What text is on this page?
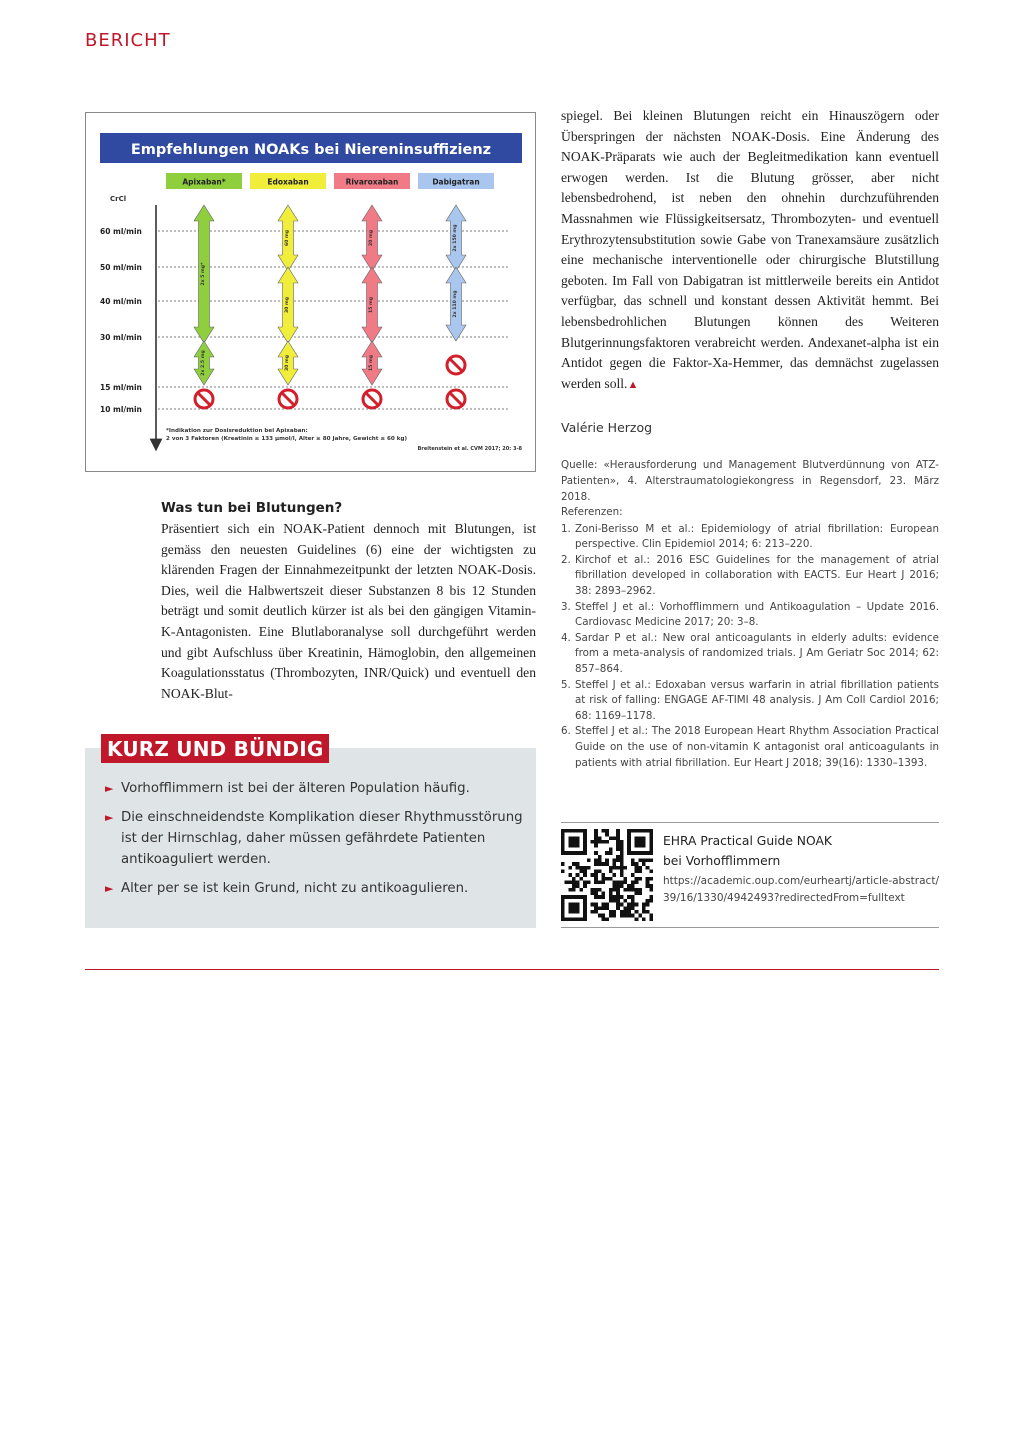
BERICHT
Empfehlungen NOAKs bei Niereninsuffizienz
Apixaban*	Edoxaban	Rivaroxaban	Dabigatran
CrCl
60 ml/min
50 ml/min
40 ml/min
30 ml/min
15 ml/min
10 ml/min
2x 5 mg*
2x 2.5 mg
60 mg
30 mg
30 mg
20 mg
15 mg
15 mg
2x 150 mg
2x 110 mg
*Indikation zur Dosisreduktion bei Apixaban:
2 von 3 Faktoren (Kreatinin ≥ 133 µmol/l, Alter ≥ 80 Jahre, Gewicht ≤ 60 kg)
Breitenstein et al. CVM 2017; 20: 3-8
Was tun bei Blutungen?

Präsentiert sich ein NOAK-Patient dennoch mit Blutungen, ist gemäss den neuesten Guidelines (6) eine der wichtigsten zu klärenden Fragen der Einnahmezeitpunkt der letzten NOAK-Dosis. Dies, weil die Halbwertszeit dieser Substanzen 8 bis 12 Stunden beträgt und somit deutlich kürzer ist als bei den gängigen Vitamin-K-Antagonisten. Eine Blutlaboranalyse soll durchgeführt werden und gibt Aufschluss über Kreatinin, Hämoglobin, den allgemeinen Koagulationsstatus (Thrombozyten, INR/Quick) und eventuell den NOAK-Blut-

spiegel. Bei kleinen Blutungen reicht ein Hinauszögern oder Überspringen der nächsten NOAK-Dosis. Eine Änderung des NOAK-Präparats wie auch der Begleitmedikation kann eventuell erwogen werden. Ist die Blutung grösser, aber nicht lebensbedrohend, ist neben den ohnehin durchzuführenden Massnahmen wie Flüssigkeitsersatz, Thrombozyten- und eventuell Erythrozytensubstitution sowie Gabe von Tranexamsäure zusätzlich eine mechanische interventionelle oder chirurgische Blutstillung geboten. Im Fall von Dabigatran ist mittlerweile bereits ein Antidot verfügbar, das schnell und konstant dessen Aktivität hemmt. Bei lebensbedrohlichen Blutungen können des Weiteren Blutgerinnungsfaktoren verabreicht werden. Andexanet-alpha ist ein Antidot gegen die Faktor-Xa-Hemmer, das demnächst zugelassen werden soll.▲

Valérie Herzog
Quelle: «Herausforderung und Management Blutverdünnung von ATZ-Patienten», 4. Alterstraumatologiekongress in Regensdorf, 23. März 2018.
Referenzen:
1. Zoni-Berisso M et al.: Epidemiology of atrial fibrillation: European perspective. Clin Epidemiol 2014; 6: 213–220.
2. Kirchof et al.: 2016 ESC Guidelines for the management of atrial fibrillation developed in collaboration with EACTS. Eur Heart J 2016; 38: 2893–2962.
3. Steffel J et al.: Vorhofflimmern und Antikoagulation – Update 2016. Cardiovasc Medicine 2017; 20: 3–8.
4. Sardar P et al.: New oral anticoagulants in elderly adults: evidence from a meta-analysis of randomized trials. J Am Geriatr Soc 2014; 62: 857–864.
5. Steffel J et al.: Edoxaban versus warfarin in atrial fibrillation patients at risk of falling: ENGAGE AF-TIMI 48 analysis. J Am Coll Cardiol 2016; 68: 1169–1178.
6. Steffel J et al.: The 2018 European Heart Rhythm Association Practical Guide on the use of non-vitamin K antagonist oral anticoagulants in patients with atrial fibrillation. Eur Heart J 2018; 39(16): 1330–1393.
► Vorhofflimmern ist bei der älteren Population häufig.
► Die einschneidendste Komplikation dieser Rhythmusstörung ist der Hirnschlag, daher müssen gefährdete Patienten antikoaguliert werden.
► Alter per se ist kein Grund, nicht zu antikoagulieren.
KURZ UND BÜNDIG
EHRA Practical Guide NOAK
bei Vorhofflimmern
https://academic.oup.com/eurheartj/article-abstract/
39/16/1330/4942493?redirectedFrom=fulltext
